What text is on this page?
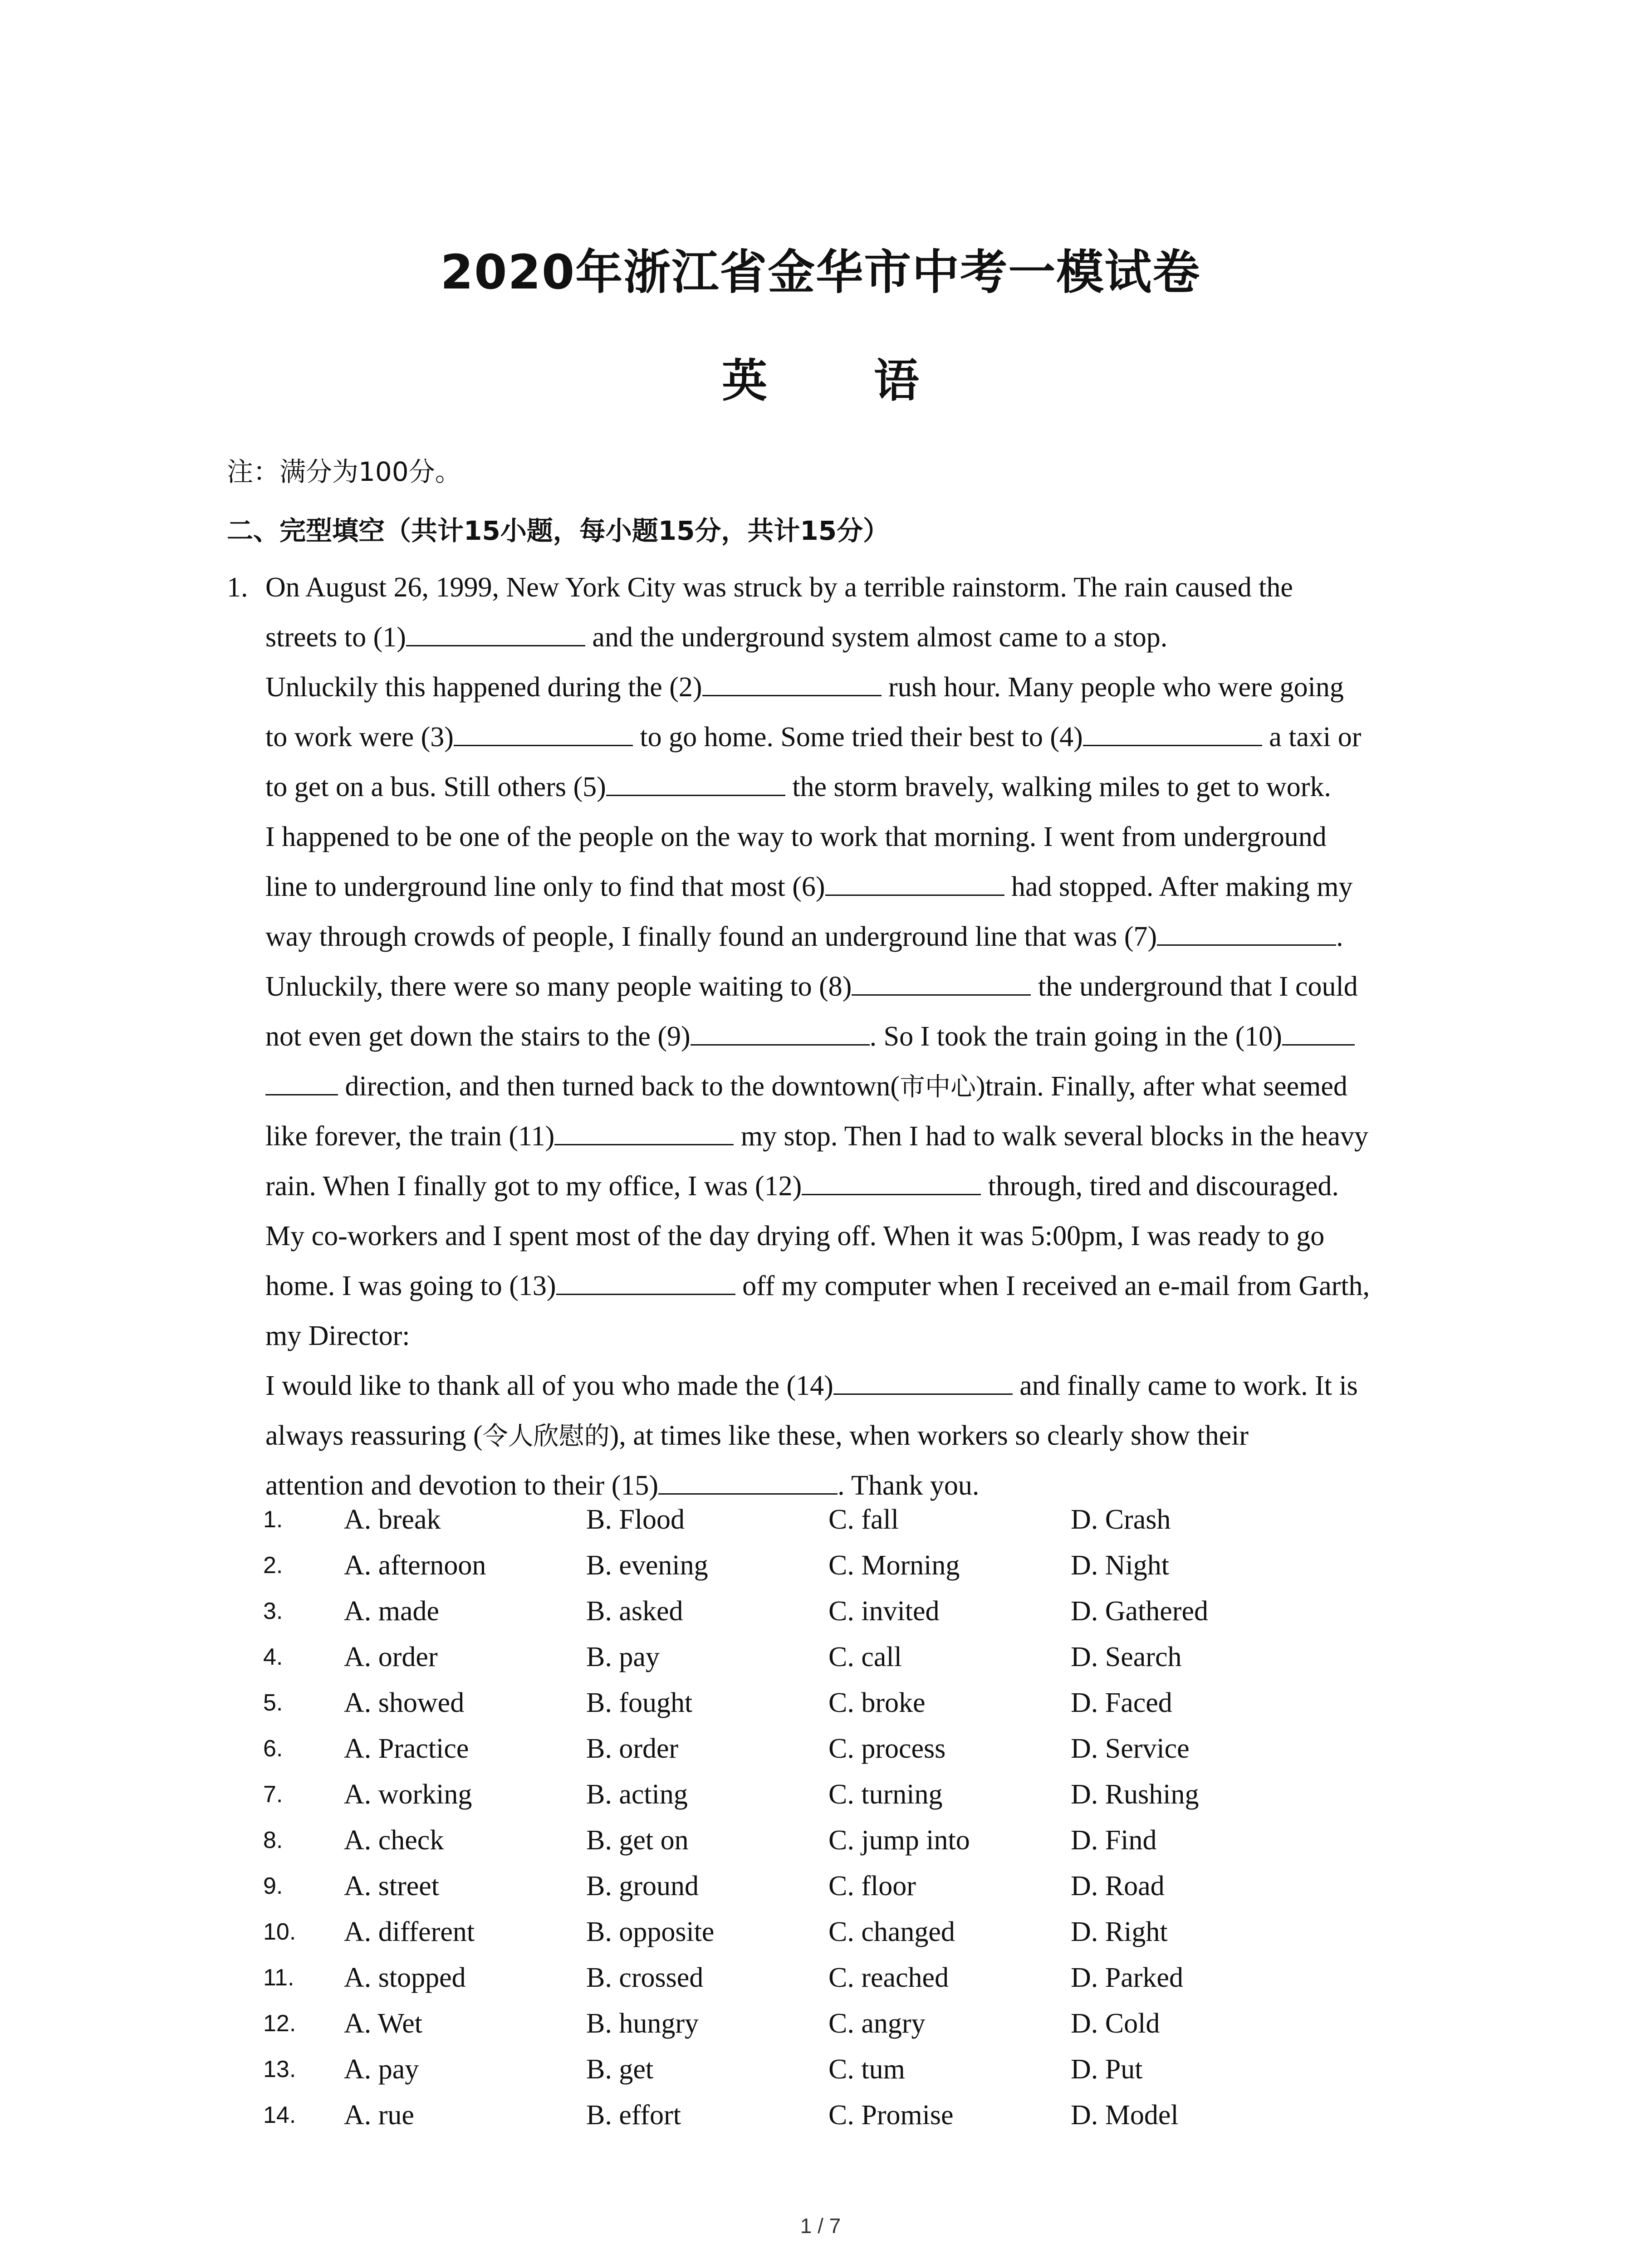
2020年浙江省金华市中考一模试卷
英 语
注：满分为100分。
二、完型填空（共计15小题，每小题15分，共计15分）
1. On August 26, 1999, New York City was struck by a terrible rainstorm. The rain caused the
streets to (1)	and the underground system almost came to a stop.
Unluckily this happened during the (2)	rush hour. Many people who were going
to work were (3)	to go home. Some tried their best to (4)	a taxi or
to get on a bus. Still others (5)	the storm bravely, walking miles to get to work.
I happened to be one of the people on the way to work that morning. I went from underground
line to underground line only to find that most (6)	had stopped. After making my
way through crowds of people, I finally found an underground line that was (7)	.
Unluckily, there were so many people waiting to (8)	the underground that I could
not even get down the stairs to the (9)	. So I took the train going in the (10)
direction, and then turned back to the downtown(市中心)train. Finally, after what seemed
like forever, the train (11)	my stop. Then I had to walk several blocks in the heavy
rain. When I finally got to my office, I was (12)	through, tired and discouraged.
My co-workers and I spent most of the day drying off. When it was 5:00pm, I was ready to go
home. I was going to (13)	off my computer when I received an e-mail from Garth,
my Director:
I would like to thank all of you who made the (14)	and finally came to work. It is
always reassuring (令人欣慰的), at times like these, when workers so clearly show their
attention and devotion to their (15)	. Thank you.
1. A. break	B. Flood	C. fall	D. Crash
2. A. afternoon	B. evening	C. Morning	D. Night
3. A. made	B. asked	C. invited	D. Gathered
4. A. order	B. pay	C. call	D. Search
5. A. showed	B. fought	C. broke	D. Faced
6. A. Practice	B. order	C. process	D. Service
7. A. working	B. acting	C. turning	D. Rushing
8. A. check	B. get on	C. jump into	D. Find
9. A. street	B. ground	C. floor	D. Road
10. A. different	B. opposite	C. changed	D. Right
11. A. stopped	B. crossed	C. reached	D. Parked
12. A. Wet	B. hungry	C. angry	D. Cold
13. A. pay	B. get	C. tum	D. Put
14. A. rue	B. effort	C. Promise	D. Model
1 / 7
